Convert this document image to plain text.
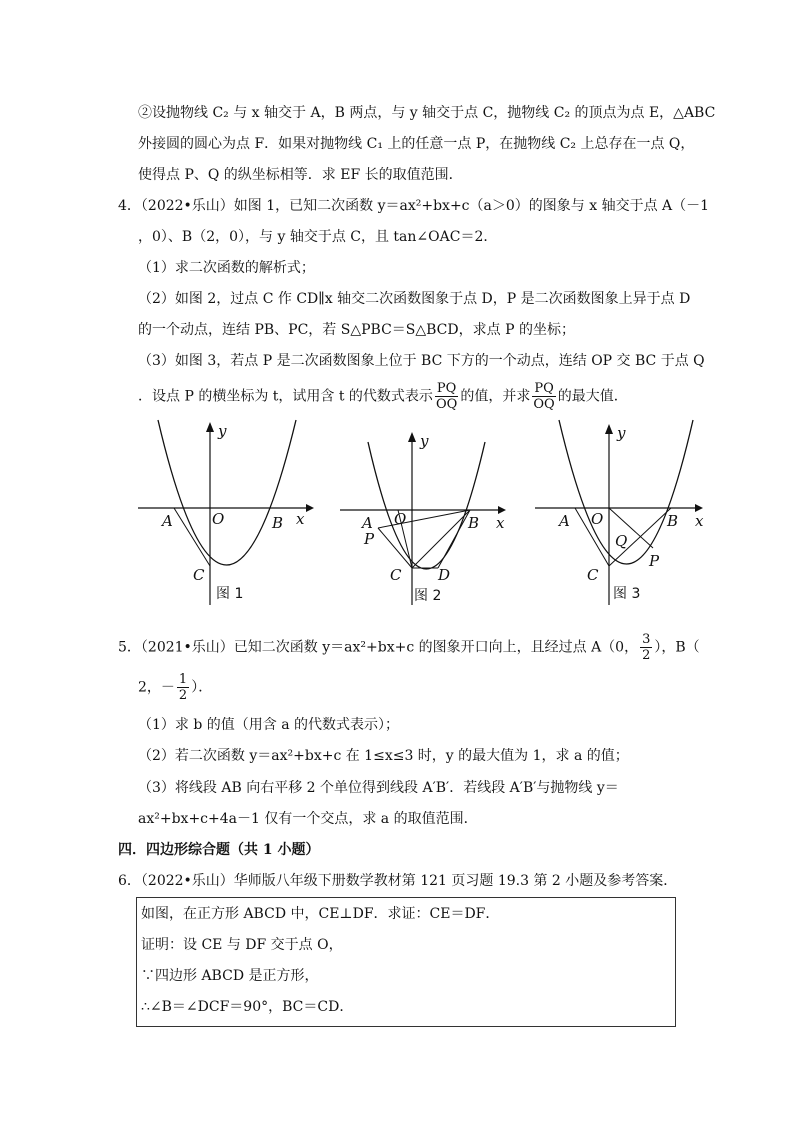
②设抛物线 C₂ 与 x 轴交于 A，B 两点，与 y 轴交于点 C，抛物线 C₂ 的顶点为点 E，△ABC
外接圆的圆心为点 F．如果对抛物线 C₁ 上的任意一点 P，在抛物线 C₂ 上总存在一点 Q，
使得点 P、Q 的纵坐标相等．求 EF 长的取值范围．
4．（2022•乐山）如图 1，已知二次函数 y＝ax²+bx+c（a＞0）的图象与 x 轴交于点 A（－1
，0）、B（2，0），与 y 轴交于点 C，且 tan∠OAC＝2．
（1）求二次函数的解析式；
（2）如图 2，过点 C 作 CD∥x 轴交二次函数图象于点 D，P 是二次函数图象上异于点 D
的一个动点，连结 PB、PC，若 S△PBC＝S△BCD，求点 P 的坐标；
（3）如图 3，若点 P 是二次函数图象上位于 BC 下方的一个动点，连结 OP 交 BC 于点 Q
．设点 P 的横坐标为 t，试用含 t 的代数式表示 $\frac{PQ}{OQ}$ 的值，并求 $\frac{PQ}{OQ}$ 的最大值．
y
x
O
A	B
C
图 1
y
x
O
A	B
P
C D
图 2
y
x
O
A	B
Q
P
C
图 3
5．（2021•乐山）已知二次函数 y＝ax²+bx+c 的图象开口向上，且经过点 A（0， $\frac{3}{2}$ ），B（
2，－ $\frac{1}{2}$ ）．
（1）求 b 的值（用含 a 的代数式表示）；
（2）若二次函数 y＝ax²+bx+c 在 1≤x≤3 时，y 的最大值为 1，求 a 的值；
（3）将线段 AB 向右平移 2 个单位得到线段 A′B′．若线段 A′B′与抛物线 y＝
ax²+bx+c+4a－1 仅有一个交点，求 a 的取值范围．
四．四边形综合题（共 1 小题）
6．（2022•乐山）华师版八年级下册数学教材第 121 页习题 19.3 第 2 小题及参考答案．
如图，在正方形 ABCD 中，CE⊥DF．求证：CE＝DF．
证明：设 CE 与 DF 交于点 O，
∵四边形 ABCD 是正方形，
∴∠B＝∠DCF＝90°，BC＝CD．
